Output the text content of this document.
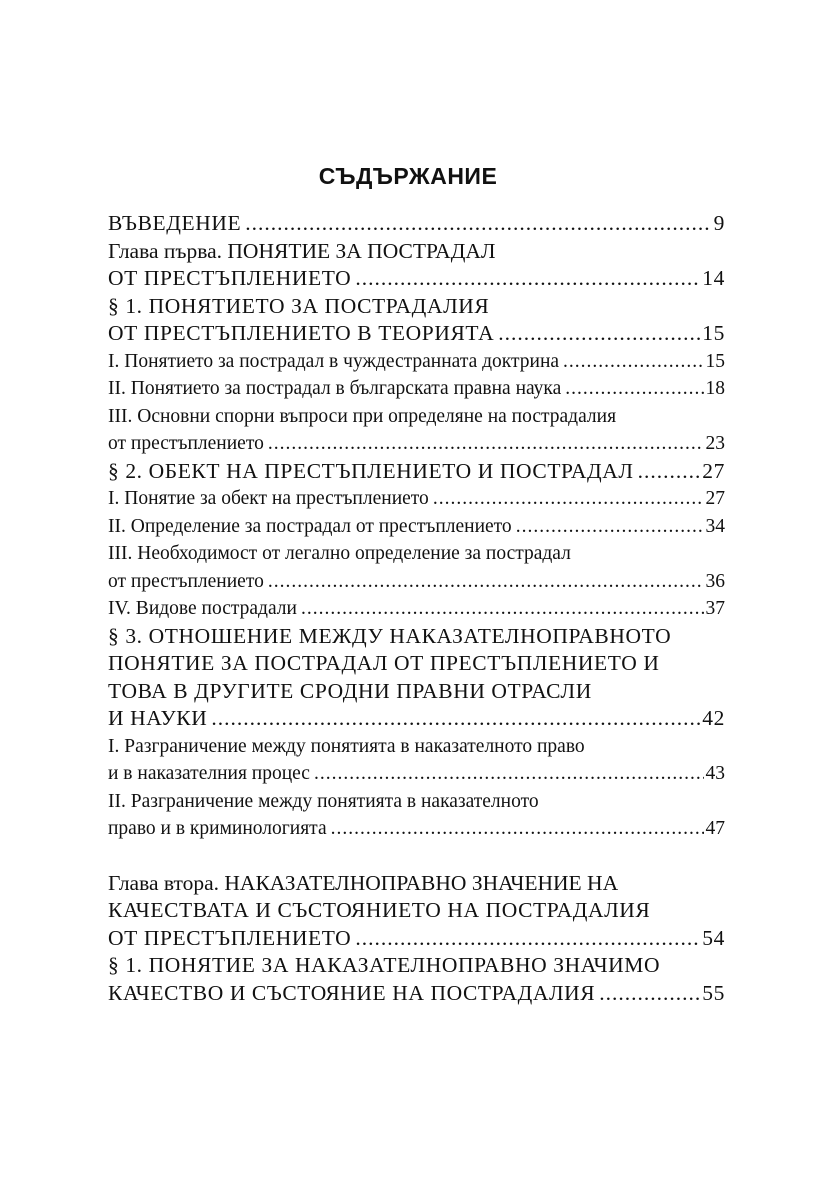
СЪДЪРЖАНИЕ
ВЪВЕДЕНИЕ .....	9
Глава първа. ПОНЯТИЕ ЗА ПОСТРАДАЛ
ОТ ПРЕСТЪПЛЕНИЕТО .....	14
§ 1. ПОНЯТИЕТО ЗА ПОСТРАДАЛИЯ
ОТ ПРЕСТЪПЛЕНИЕТО В ТЕОРИЯТА .....	15
I. Понятието за пострадал в чуждестранната доктрина .....	15
II. Понятието за пострадал в българската правна наука .....	18
III. Основни спорни въпроси при определяне на пострадалия
от престъплението .....	23
§ 2. ОБЕКТ НА ПРЕСТЪПЛЕНИЕТО И ПОСТРАДАЛ .....	27
I. Понятие за обект на престъплението .....	27
II. Определение за пострадал от престъплението .....	34
III. Необходимост от легално определение за пострадал
от престъплението .....	36
IV. Видове пострадали .....	37
§ 3. ОТНОШЕНИЕ МЕЖДУ НАКАЗАТЕЛНОПРАВНОТО
ПОНЯТИЕ ЗА ПОСТРАДАЛ ОТ ПРЕСТЪПЛЕНИЕТО И
ТОВА В ДРУГИТЕ СРОДНИ ПРАВНИ ОТРАСЛИ
И НАУКИ .....	42
I. Разграничение между понятията в наказателното право
и в наказателния процес .....	43
II. Разграничение между понятията в наказателното
право и в криминологията .....	47
Глава втора. НАКАЗАТЕЛНОПРАВНО ЗНАЧЕНИЕ НА
КАЧЕСТВАТА И СЪСТОЯНИЕТО НА ПОСТРАДАЛИЯ
ОТ ПРЕСТЪПЛЕНИЕТО .....	54
§ 1. ПОНЯТИЕ ЗА НАКАЗАТЕЛНОПРАВНО ЗНАЧИМО
КАЧЕСТВО И СЪСТОЯНИЕ НА ПОСТРАДАЛИЯ .....	55
